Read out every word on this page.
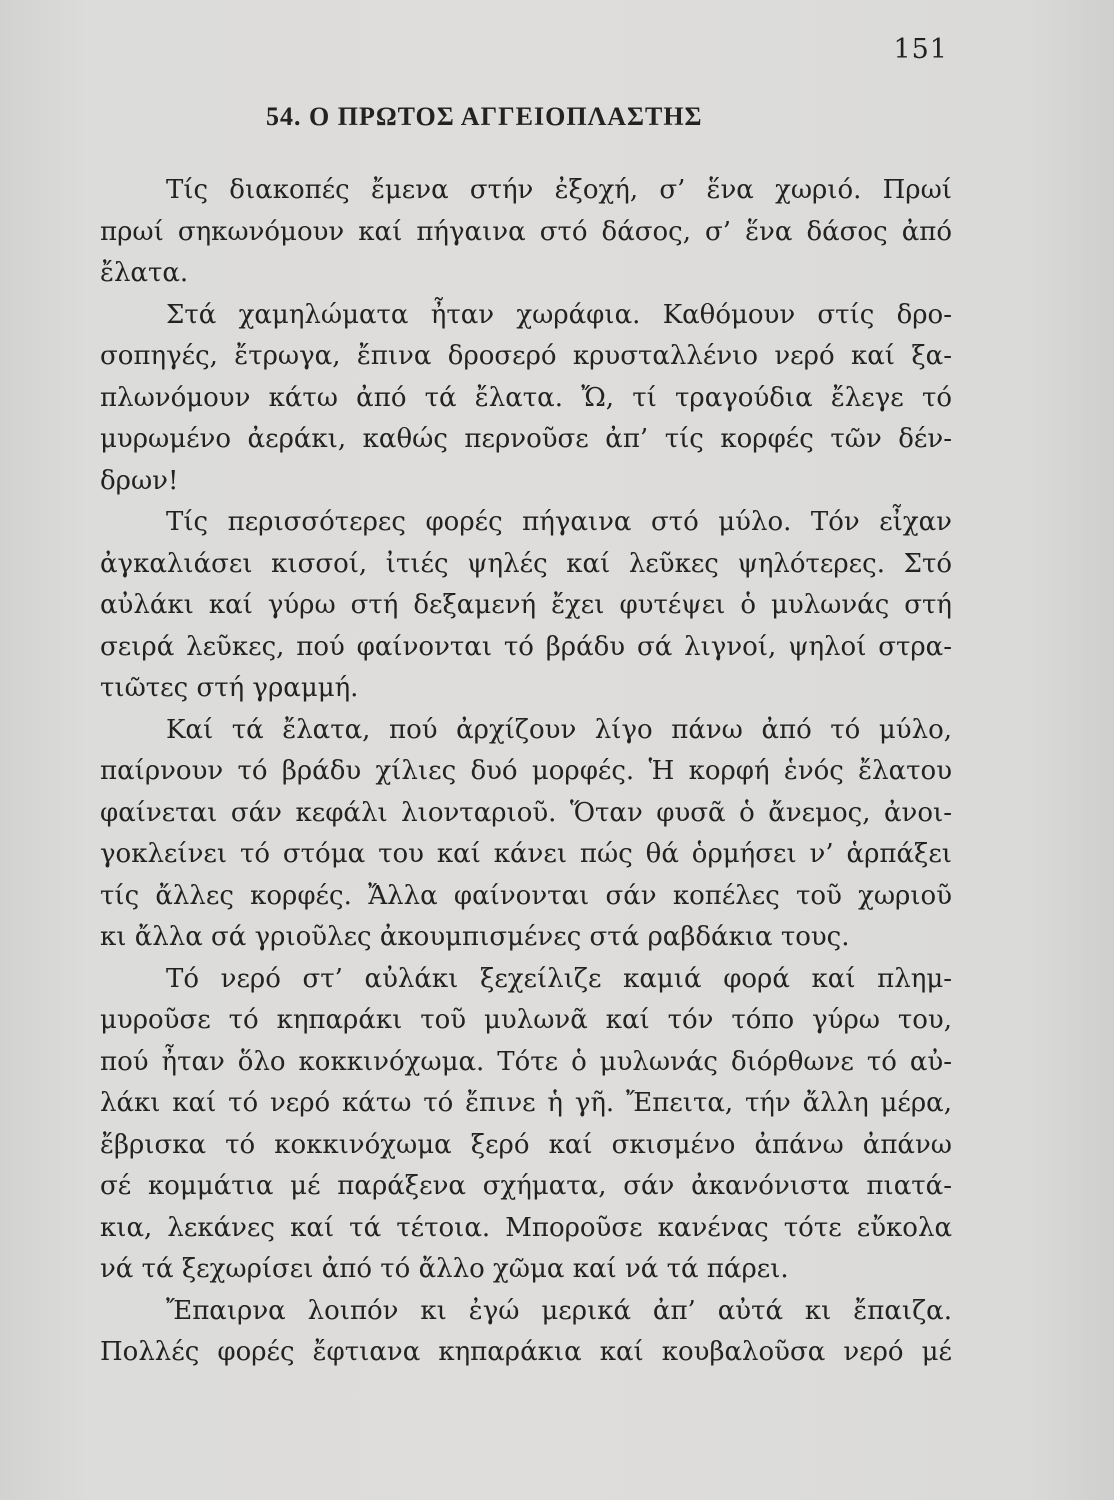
151
54. Ο ΠΡΩΤΟΣ ΑΓΓΕΙΟΠΛΑΣΤΗΣ
Τίς διακοπές ἔμενα στήν ἐξοχή, σ’ ἕνα χωριό. Πρωί
πρωί σηκωνόμουν καί πήγαινα στό δάσος, σ’ ἕνα δάσος ἀπό
ἔλατα.
Στά χαμηλώματα ἦταν χωράφια. Καθόμουν στίς δρο-
σοπηγές, ἔτρωγα, ἔπινα δροσερό κρυσταλλένιο νερό καί ξα-
πλωνόμουν κάτω ἀπό τά ἔλατα. Ὤ, τί τραγούδια ἔλεγε τό
μυρωμένο ἀεράκι, καθώς περνοῦσε ἀπ’ τίς κορφές τῶν δέν-
δρων!
Τίς περισσότερες φορές πήγαινα στό μύλο. Τόν εἶχαν
ἀγκαλιάσει κισσοί, ἰτιές ψηλές καί λεῦκες ψηλότερες. Στό
αὐλάκι καί γύρω στή δεξαμενή ἔχει φυτέψει ὁ μυλωνάς στή
σειρά λεῦκες, πού φαίνονται τό βράδυ σά λιγνοί, ψηλοί στρα-
τιῶτες στή γραμμή.
Καί τά ἔλατα, πού ἀρχίζουν λίγο πάνω ἀπό τό μύλο,
παίρνουν τό βράδυ χίλιες δυό μορφές. Ἡ κορφή ἑνός ἔλατου
φαίνεται σάν κεφάλι λιονταριοῦ. Ὅταν φυσᾶ ὁ ἄνεμος, ἀνοι-
γοκλείνει τό στόμα του καί κάνει πώς θά ὁρμήσει ν’ ἁρπάξει
τίς ἄλλες κορφές. Ἄλλα φαίνονται σάν κοπέλες τοῦ χωριοῦ
κι ἄλλα σά γριοῦλες ἀκουμπισμένες στά ραβδάκια τους.
Τό νερό στ’ αὐλάκι ξεχείλιζε καμιά φορά καί πλημ-
μυροῦσε τό κηπαράκι τοῦ μυλωνᾶ καί τόν τόπο γύρω του,
πού ἦταν ὅλο κοκκινόχωμα. Τότε ὁ μυλωνάς διόρθωνε τό αὐ-
λάκι καί τό νερό κάτω τό ἔπινε ἡ γῆ. Ἔπειτα, τήν ἄλλη μέρα,
ἔβρισκα τό κοκκινόχωμα ξερό καί σκισμένο ἀπάνω ἀπάνω
σέ κομμάτια μέ παράξενα σχήματα, σάν ἀκανόνιστα πιατά-
κια, λεκάνες καί τά τέτοια. Μποροῦσε κανένας τότε εὔκολα
νά τά ξεχωρίσει ἀπό τό ἄλλο χῶμα καί νά τά πάρει.
Ἔπαιρνα λοιπόν κι ἐγώ μερικά ἀπ’ αὐτά κι ἔπαιζα.
Πολλές φορές ἔφτιανα κηπαράκια καί κουβαλοῦσα νερό μέ
